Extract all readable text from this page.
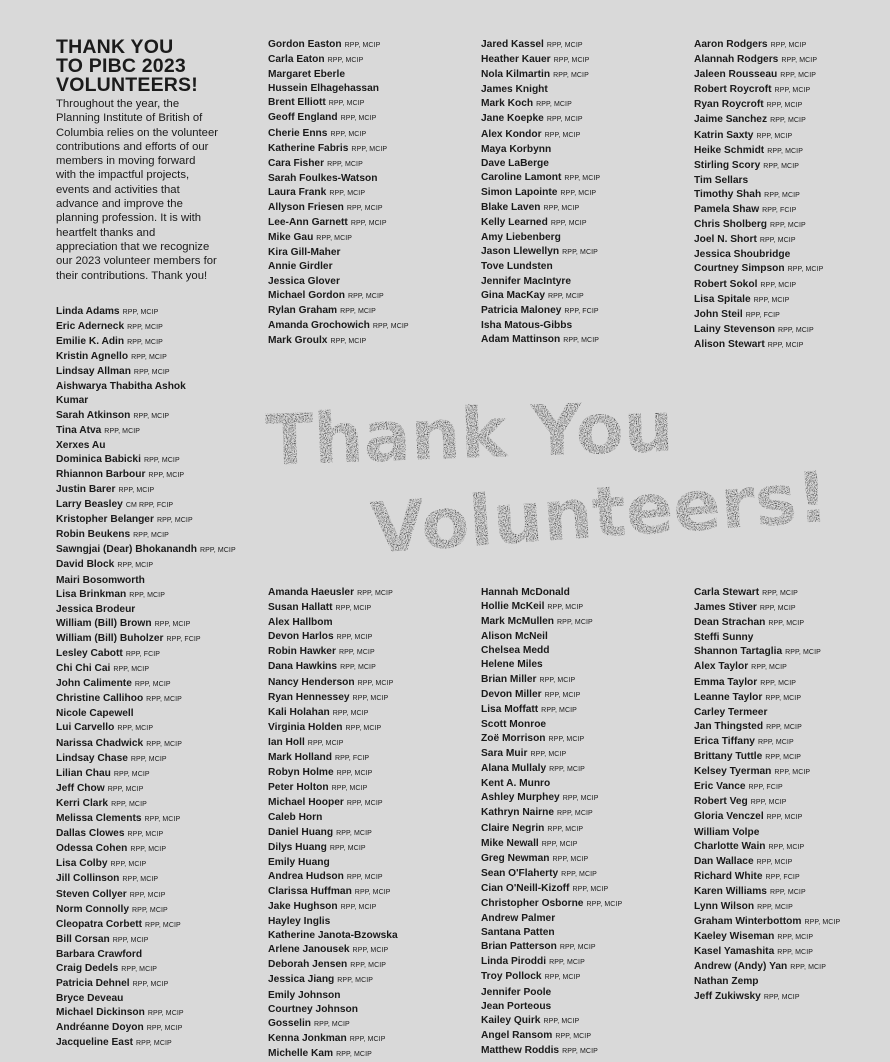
THANK YOU
TO PIBC 2023
VOLUNTEERS!

Throughout the year, the Planning Institute of British of Columbia relies on the volunteer contributions and efforts of our members in moving forward with the impactful projects, events and activities that advance and improve the planning profession. It is with heartfelt thanks and appreciation that we recognize our 2023 volunteer members for their contributions. Thank you!

Linda Adams RPP, MCIP
Eric Aderneck RPP, MCIP
Emilie K. Adin RPP, MCIP
Kristin Agnello RPP, MCIP
Lindsay Allman RPP, MCIP
Aishwarya Thabitha Ashok Kumar
Sarah Atkinson RPP, MCIP
Tina Atva RPP, MCIP
Xerxes Au
Dominica Babicki RPP, MCIP
Rhiannon Barbour RPP, MCIP
Justin Barer RPP, MCIP
Larry Beasley CM RPP, FCIP
Kristopher Belanger RPP, MCIP
Robin Beukens RPP, MCIP
Sawngjai (Dear) Bhokanandh RPP, MCIP
David Block RPP, MCIP
Mairi Bosomworth
Lisa Brinkman RPP, MCIP
Jessica Brodeur
William (Bill) Brown RPP, MCIP
William (Bill) Buholzer RPP, FCIP
Lesley Cabott RPP, FCIP
Chi Chi Cai RPP, MCIP
John Calimente RPP, MCIP
Christine Callihoo RPP, MCIP
Nicole Capewell
Lui Carvello RPP, MCIP
Narissa Chadwick RPP, MCIP
Lindsay Chase RPP, MCIP
Lilian Chau RPP, MCIP
Jeff Chow RPP, MCIP
Kerri Clark RPP, MCIP
Melissa Clements RPP, MCIP
Dallas Clowes RPP, MCIP
Odessa Cohen RPP, MCIP
Lisa Colby RPP, MCIP
Jill Collinson RPP, MCIP
Steven Collyer RPP, MCIP
Norm Connolly RPP, MCIP
Cleopatra Corbett RPP, MCIP
Bill Corsan RPP, MCIP
Barbara Crawford
Craig Dedels RPP, MCIP
Patricia Dehnel RPP, MCIP
Bryce Deveau
Michael Dickinson RPP, MCIP
Andréanne Doyon RPP, MCIP
Jacqueline East RPP, MCIP
Gordon Easton RPP, MCIP
Carla Eaton RPP, MCIP
Margaret Eberle
Hussein Elhagehassan
Brent Elliott RPP, MCIP
Geoff England RPP, MCIP
Cherie Enns RPP, MCIP
Katherine Fabris RPP, MCIP
Cara Fisher RPP, MCIP
Sarah Foulkes-Watson
Laura Frank RPP, MCIP
Allyson Friesen RPP, MCIP
Lee-Ann Garnett RPP, MCIP
Mike Gau RPP, MCIP
Kira Gill-Maher
Annie Girdler
Jessica Glover
Michael Gordon RPP, MCIP
Rylan Graham RPP, MCIP
Amanda Grochowich RPP, MCIP
Mark Groulx RPP, MCIP
Jared Kassel RPP, MCIP
Heather Kauer RPP, MCIP
Nola Kilmartin RPP, MCIP
James Knight
Mark Koch RPP, MCIP
Jane Koepke RPP, MCIP
Alex Kondor RPP, MCIP
Maya Korbynn
Dave LaBerge
Caroline Lamont RPP, MCIP
Simon Lapointe RPP, MCIP
Blake Laven RPP, MCIP
Kelly Learned RPP, MCIP
Amy Liebenberg
Jason Llewellyn RPP, MCIP
Tove Lundsten
Jennifer MacIntyre
Gina MacKay RPP, MCIP
Patricia Maloney RPP, FCIP
Isha Matous-Gibbs
Adam Mattinson RPP, MCIP
Aaron Rodgers RPP, MCIP
Alannah Rodgers RPP, MCIP
Jaleen Rousseau RPP, MCIP
Robert Roycroft RPP, MCIP
Ryan Roycroft RPP, MCIP
Jaime Sanchez RPP, MCIP
Katrin Saxty RPP, MCIP
Heike Schmidt RPP, MCIP
Stirling Scory RPP, MCIP
Tim Sellars
Timothy Shah RPP, MCIP
Pamela Shaw RPP, FCIP
Chris Sholberg RPP, MCIP
Joel N. Short RPP, MCIP
Jessica Shoubridge
Courtney Simpson RPP, MCIP
Robert Sokol RPP, MCIP
Lisa Spitale RPP, MCIP
John Steil RPP, FCIP
Lainy Stevenson RPP, MCIP
Alison Stewart RPP, MCIP
Thank You
Volunteers!
Amanda Haeusler RPP, MCIP
Susan Hallatt RPP, MCIP
Alex Hallbom
Devon Harlos RPP, MCIP
Robin Hawker RPP, MCIP
Dana Hawkins RPP, MCIP
Nancy Henderson RPP, MCIP
Ryan Hennessey RPP, MCIP
Kali Holahan RPP, MCIP
Virginia Holden RPP, MCIP
Ian Holl RPP, MCIP
Mark Holland RPP, FCIP
Robyn Holme RPP, MCIP
Peter Holton RPP, MCIP
Michael Hooper RPP, MCIP
Caleb Horn
Daniel Huang RPP, MCIP
Dilys Huang RPP, MCIP
Emily Huang
Andrea Hudson RPP, MCIP
Clarissa Huffman RPP, MCIP
Jake Hughson RPP, MCIP
Hayley Inglis
Katherine Janota-Bzowska
Arlene Janousek RPP, MCIP
Deborah Jensen RPP, MCIP
Jessica Jiang RPP, MCIP
Emily Johnson
Courtney Johnson
Gosselin RPP, MCIP
Kenna Jonkman RPP, MCIP
Michelle Kam RPP, MCIP
Hannah McDonald
Hollie McKeil RPP, MCIP
Mark McMullen RPP, MCIP
Alison McNeil
Chelsea Medd
Helene Miles
Brian Miller RPP, MCIP
Devon Miller RPP, MCIP
Lisa Moffatt RPP, MCIP
Scott Monroe
Zoë Morrison RPP, MCIP
Sara Muir RPP, MCIP
Alana Mullaly RPP, MCIP
Kent A. Munro
Ashley Murphey RPP, MCIP
Kathryn Nairne RPP, MCIP
Claire Negrin RPP, MCIP
Mike Newall RPP, MCIP
Greg Newman RPP, MCIP
Sean O'Flaherty RPP, MCIP
Cian O'Neill-Kizoff RPP, MCIP
Christopher Osborne RPP, MCIP
Andrew Palmer
Santana Patten
Brian Patterson RPP, MCIP
Linda Piroddi RPP, MCIP
Troy Pollock RPP, MCIP
Jennifer Poole
Jean Porteous
Kailey Quirk RPP, MCIP
Angel Ransom RPP, MCIP
Matthew Roddis RPP, MCIP
Carla Stewart RPP, MCIP
James Stiver RPP, MCIP
Dean Strachan RPP, MCIP
Steffi Sunny
Shannon Tartaglia RPP, MCIP
Alex Taylor RPP, MCIP
Emma Taylor RPP, MCIP
Leanne Taylor RPP, MCIP
Carley Termeer
Jan Thingsted RPP, MCIP
Erica Tiffany RPP, MCIP
Brittany Tuttle RPP, MCIP
Kelsey Tyerman RPP, MCIP
Eric Vance RPP, FCIP
Robert Veg RPP, MCIP
Gloria Venczel RPP, MCIP
William Volpe
Charlotte Wain RPP, MCIP
Dan Wallace RPP, MCIP
Richard White RPP, FCIP
Karen Williams RPP, MCIP
Lynn Wilson RPP, MCIP
Graham Winterbottom RPP, MCIP
Kaeley Wiseman RPP, MCIP
Kasel Yamashita RPP, MCIP
Andrew (Andy) Yan RPP, MCIP
Nathan Zemp
Jeff Zukiwsky RPP, MCIP
